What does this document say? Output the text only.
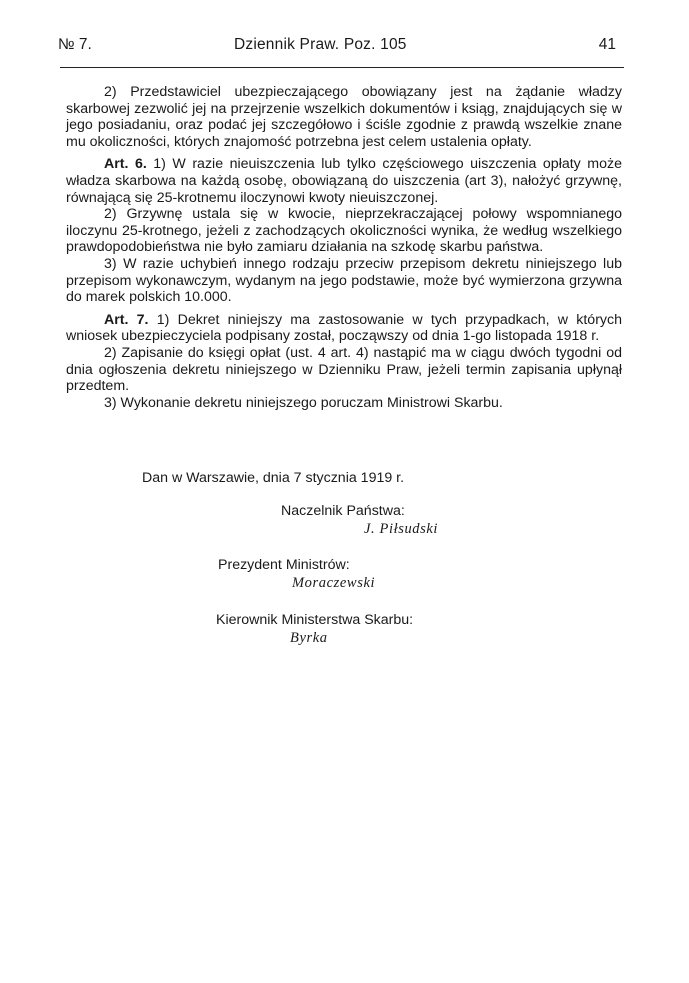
№ 7.	Dziennik Praw. Poz. 105	41

2) Przedstawiciel ubezpieczającego obowiązany jest na żądanie władzy skarbowej zezwolić jej na przejrzenie wszelkich dokumentów i ksiąg, znajdujących się w jego posiadaniu, oraz podać jej szczegółowo i ściśle zgodnie z prawdą wszelkie znane mu okoliczności, których znajomość potrzebna jest celem ustalenia opłaty.

Art. 6. 1) W razie nieuiszczenia lub tylko częściowego uiszczenia opłaty może władza skarbowa na każdą osobę, obowiązaną do uiszczenia (art 3), nałożyć grzywnę, równającą się 25-krotnemu iloczynowi kwoty nieuiszczonej.

2) Grzywnę ustala się w kwocie, nieprzekraczającej połowy wspomnianego iloczynu 25-krotnego, jeżeli z zachodzących okoliczności wynika, że według wszelkiego prawdopodobieństwa nie było zamiaru działania na szkodę skarbu państwa.

3) W razie uchybień innego rodzaju przeciw przepisom dekretu niniejszego lub przepisom wykonawczym, wydanym na jego podstawie, może być wymierzona grzywna do marek polskich 10.000.

Art. 7. 1) Dekret niniejszy ma zastosowanie w tych przypadkach, w których wniosek ubezpieczyciela podpisany został, począwszy od dnia 1-go listopada 1918 r.

2) Zapisanie do księgi opłat (ust. 4 art. 4) nastąpić ma w ciągu dwóch tygodni od dnia ogłoszenia dekretu niniejszego w Dzienniku Praw, jeżeli termin zapisania upłynął przedtem.

3) Wykonanie dekretu niniejszego poruczam Ministrowi Skarbu.

Dan w Warszawie, dnia 7 stycznia 1919 r.
Naczelnik Państwa:
J. Piłsudski
Prezydent Ministrów:
Moraczewski
Kierownik Ministerstwa Skarbu:
Byrka
